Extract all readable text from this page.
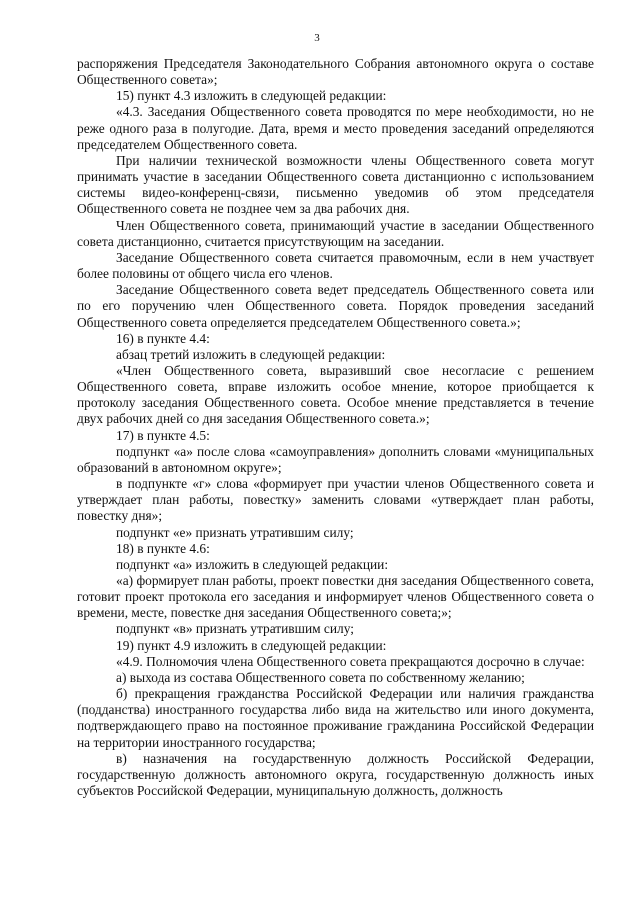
3

распоряжения Председателя Законодательного Собрания автономного округа о составе Общественного совета»;

15) пункт 4.3 изложить в следующей редакции:

«4.3. Заседания Общественного совета проводятся по мере необходимости, но не реже одного раза в полугодие. Дата, время и место проведения заседаний определяются председателем Общественного совета.

При наличии технической возможности члены Общественного совета могут принимать участие в заседании Общественного совета дистанционно с использованием системы видео-конференц-связи, письменно уведомив об этом председателя Общественного совета не позднее чем за два рабочих дня.

Член Общественного совета, принимающий участие в заседании Общественного совета дистанционно, считается присутствующим на заседании.

Заседание Общественного совета считается правомочным, если в нем участвует более половины от общего числа его членов.

Заседание Общественного совета ведет председатель Общественного совета или по его поручению член Общественного совета. Порядок проведения заседаний Общественного совета определяется председателем Общественного совета.»;

16) в пункте 4.4:

абзац третий изложить в следующей редакции:

«Член Общественного совета, выразивший свое несогласие с решением Общественного совета, вправе изложить особое мнение, которое приобщается к протоколу заседания Общественного совета. Особое мнение представляется в течение двух рабочих дней со дня заседания Общественного совета.»;

17) в пункте 4.5:

подпункт «а» после слова «самоуправления» дополнить словами «муниципальных образований в автономном округе»;

в подпункте «г» слова «формирует при участии членов Общественного совета и утверждает план работы, повестку» заменить словами «утверждает план работы, повестку дня»;

подпункт «е» признать утратившим силу;

18) в пункте 4.6:

подпункт «а» изложить в следующей редакции:

«а) формирует план работы, проект повестки дня заседания Общественного совета, готовит проект протокола его заседания и информирует членов Общественного совета о времени, месте, повестке дня заседания Общественного совета;»;

подпункт «в» признать утратившим силу;

19) пункт 4.9 изложить в следующей редакции:

«4.9. Полномочия члена Общественного совета прекращаются досрочно в случае:

а) выхода из состава Общественного совета по собственному желанию;

б) прекращения гражданства Российской Федерации или наличия гражданства (подданства) иностранного государства либо вида на жительство или иного документа, подтверждающего право на постоянное проживание гражданина Российской Федерации на территории иностранного государства;

в) назначения на государственную должность Российской Федерации, государственную должность автономного округа, государственную должность иных субъектов Российской Федерации, муниципальную должность, должность
